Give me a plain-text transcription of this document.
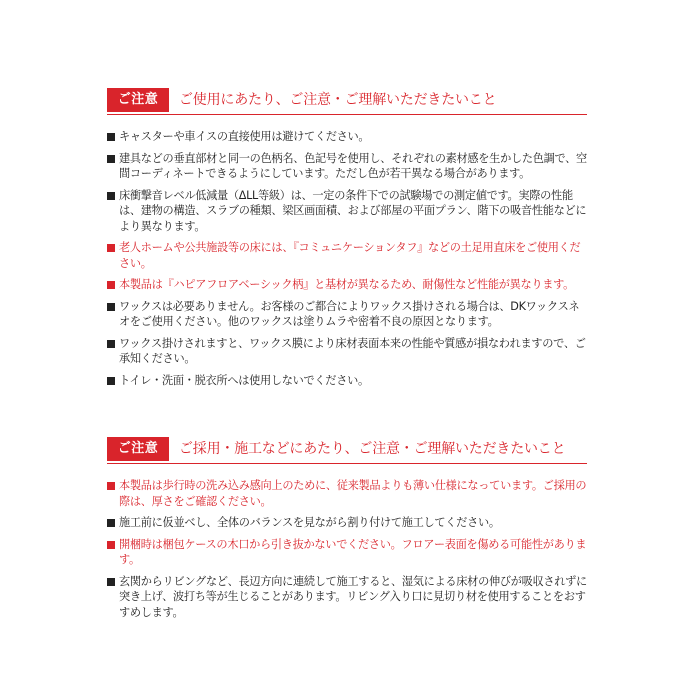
ご注意	ご使用にあたり、ご注意・ご理解いただきたいこと
キャスターや車イスの直接使用は避けてください。
建具などの垂直部材と同一の色柄名、色記号を使用し、それぞれの素材感を生かした色調で、空間コーディネートできるようにしています。ただし色が若干異なる場合があります。
床衝撃音レベル低減量（ΔLL等級）は、一定の条件下での試験場での測定値です。実際の性能は、建物の構造、スラブの種類、梁区画面積、および部屋の平面プラン、階下の吸音性能などにより異なります。
老人ホームや公共施設等の床には、『コミュニケーションタフ』などの土足用直床をご使用ください。
本製品は『ハピアフロアベーシック柄』と基材が異なるため、耐傷性など性能が異なります。
ワックスは必要ありません。お客様のご都合によりワックス掛けされる場合は、DKワックスネオをご使用ください。他のワックスは塗りムラや密着不良の原因となります。
ワックス掛けされますと、ワックス膜により床材表面本来の性能や質感が損なわれますので、ご承知ください。
トイレ・洗面・脱衣所へは使用しないでください。
ご注意	ご採用・施工などにあたり、ご注意・ご理解いただきたいこと
本製品は歩行時の洗み込み感向上のために、従来製品よりも薄い仕様になっています。ご採用の際は、厚さをご確認ください。
施工前に仮並べし、全体のバランスを見ながら割り付けて施工してください。
開梱時は梱包ケースの木口から引き抜かないでください。フロアー表面を傷める可能性があります。
玄関からリビングなど、長辺方向に連続して施工すると、湿気による床材の伸びが吸収されずに突き上げ、波打ち等が生じることがあります。リビング入り口に見切り材を使用することをおすすめします。
